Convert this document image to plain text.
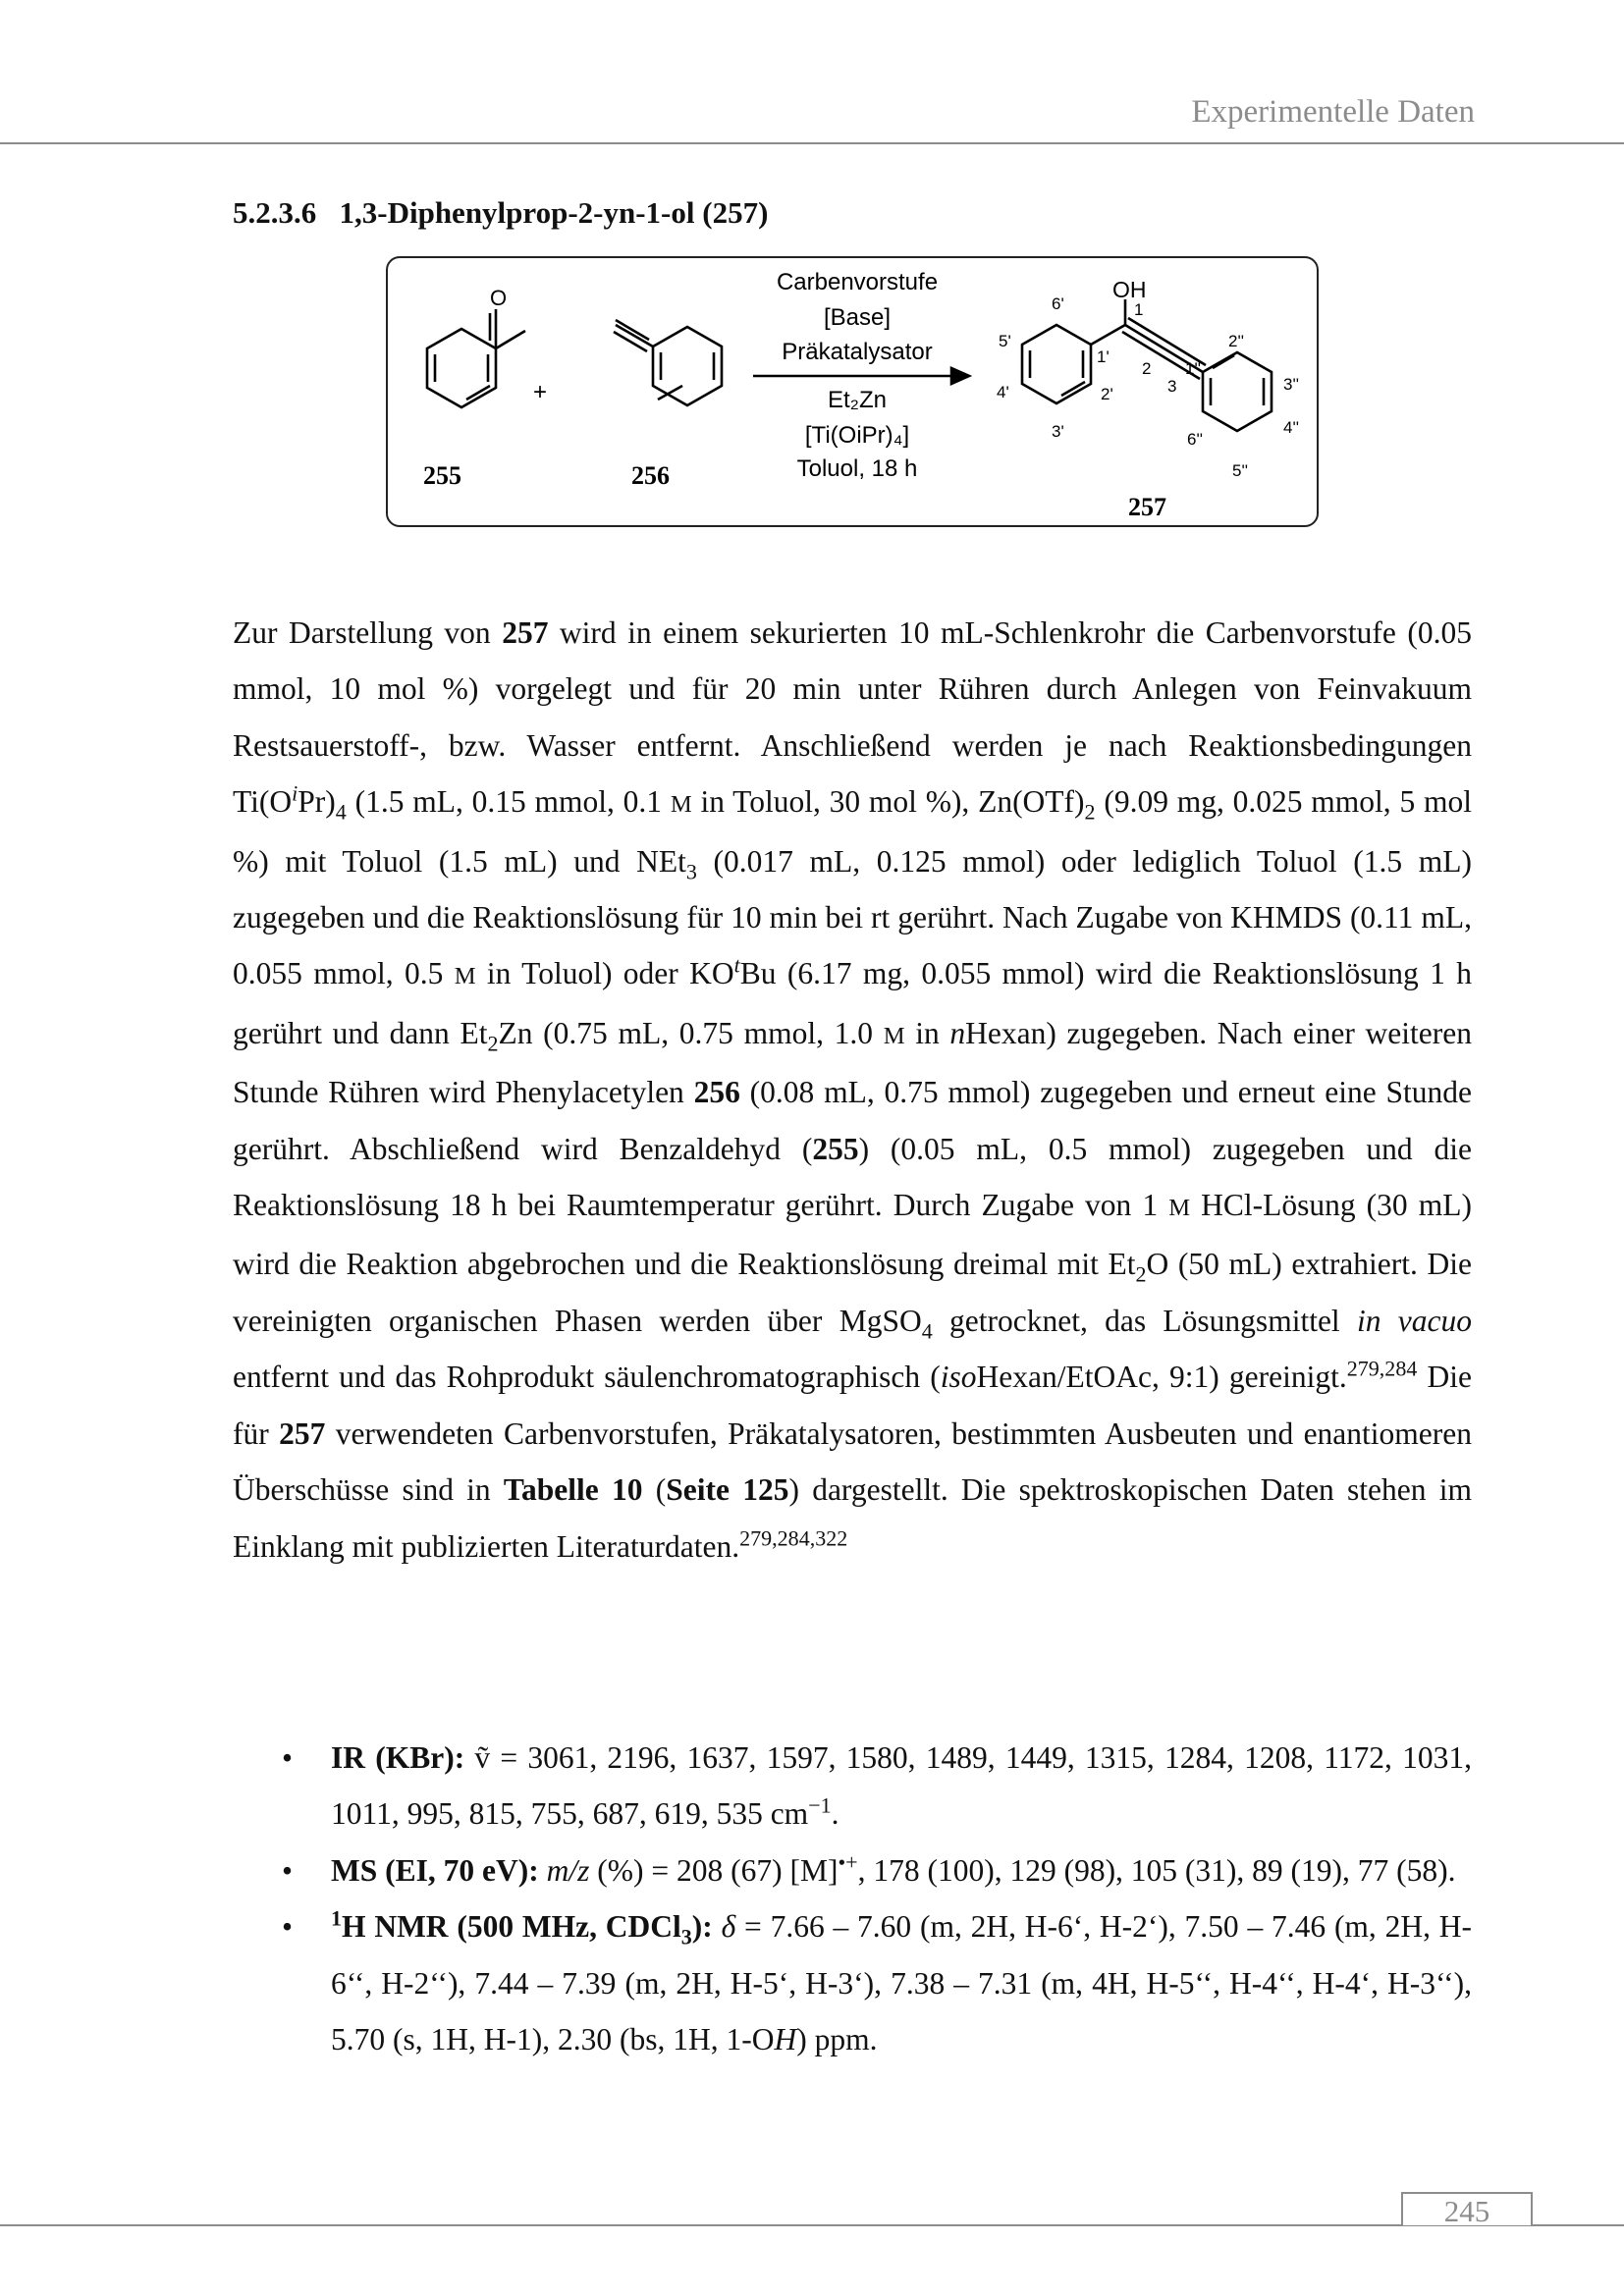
Experimentelle Daten
5.2.3.6 1,3-Diphenylprop-2-yn-1-ol (257)
O
+
255	256
Carbenvorstufe
[Base]
Präkatalysator
Et₂Zn
[Ti(OiPr)₄]
Toluol, 18 h
OH
1
6'
5'
4'
3'
2'
1'
2
3
1''
2''
3''
4''
5''
6''
257

Zur Darstellung von 257 wird in einem sekurierten 10 mL-Schlenkrohr die Carbenvorstufe (0.05 mmol, 10 mol %) vorgelegt und für 20 min unter Rühren durch Anlegen von Feinvakuum Restsauerstoff-, bzw. Wasser entfernt. Anschließend werden je nach Reaktionsbedingungen $Ti(O^iPr)_4$ (1.5 mL, 0.15 mmol, 0.1 M in Toluol, 30 mol %), $Zn(OTf)_2$ (9.09 mg, 0.025 mmol, 5 mol %) mit Toluol (1.5 mL) und NEt$_3$ (0.017 mL, 0.125 mmol) oder lediglich Toluol (1.5 mL) zugegeben und die Reaktionslösung für 10 min bei rt gerührt. Nach Zugabe von KHMDS (0.11 mL, 0.055 mmol, 0.5 M in Toluol) oder $KO^tBu$ (6.17 mg, 0.055 mmol) wird die Reaktionslösung 1 h gerührt und dann $Et_2Zn$ (0.75 mL, 0.75 mmol, 1.0 M in nHexan) zugegeben. Nach einer weiteren Stunde Rühren wird Phenylacetylen 256 (0.08 mL, 0.75 mmol) zugegeben und erneut eine Stunde gerührt. Abschließend wird Benzaldehyd (255) (0.05 mL, 0.5 mmol) zugegeben und die Reaktionslösung 18 h bei Raumtemperatur gerührt. Durch Zugabe von 1 M HCl-Lösung (30 mL) wird die Reaktion abgebrochen und die Reaktionslösung dreimal mit $Et_2O$ (50 mL) extrahiert. Die vereinigten organischen Phasen werden über MgSO$_4$ getrocknet, das Lösungsmittel in vacuo entfernt und das Rohprodukt säulenchromatographisch (isoHexan/EtOAc, 9:1) gereinigt.$^{279,284}$ Die für 257 verwendeten Carbenvorstufen, Präkatalysatoren, bestimmten Ausbeuten und enantiomeren Überschüsse sind in Tabelle 10 (Seite 125) dargestellt. Die spektroskopischen Daten stehen im Einklang mit publizierten Literaturdaten.$^{279,284,322}$

• IR (KBr): ṽ = 3061, 2196, 1637, 1597, 1580, 1489, 1449, 1315, 1284, 1208, 1172, 1031, 1011, 995, 815, 755, 687, 619, 535 $cm^{-1}$.
• MS (EI, 70 eV): m/z (%) = 208 (67) [M]•+, 178 (100), 129 (98), 105 (31), 89 (19), 77 (58).
• $^1$H NMR (500 MHz, CDCl$_3$): δ = 7.66 – 7.60 (m, 2H, H-6‘, H-2‘), 7.50 – 7.46 (m, 2H, H-6‘‘, H-2‘‘), 7.44 – 7.39 (m, 2H, H-5‘, H-3‘), 7.38 – 7.31 (m, 4H, H-5‘‘, H-4‘‘, H-4‘, H-3‘‘), 5.70 (s, 1H, H-1), 2.30 (bs, 1H, 1-OH) ppm.
245
